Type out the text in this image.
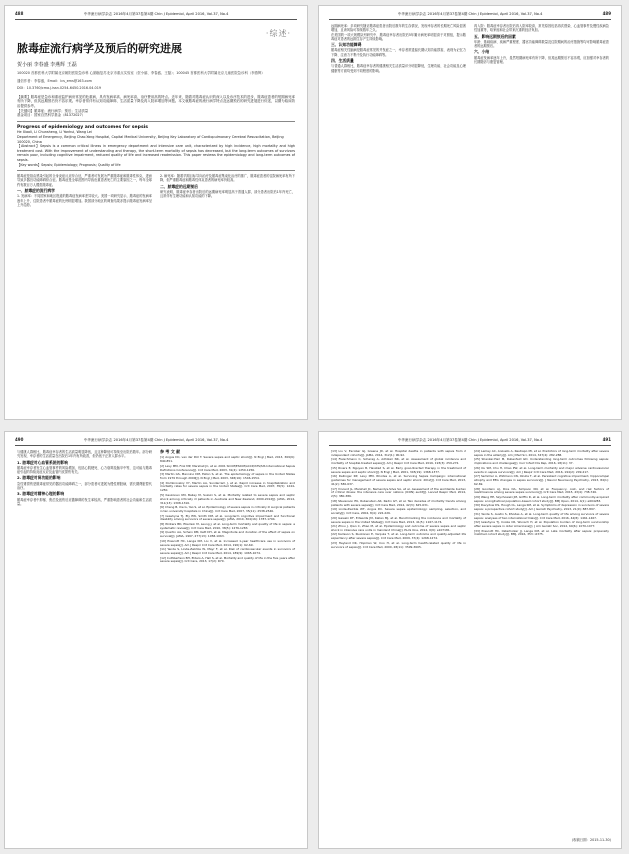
488	中华流行病学杂志 2016年4月第37卷第4期 Chin J Epidemiol, April 2016, Vol.37, No.4
·综述·
脓毒症流行病学及预后的研究进展
贺小丽 李春盛 李燕辉 王磊
100020 首都医科大学附属北京朝阳医院急诊科 心肺脑复苏北京市重点实验室（贺小丽、李春盛、王磊）；100045 首都医科大学附属北京儿童医院急诊科（李燕辉）
通信作者：李春盛，Email：lcs_ems@163.com
DOI：10.3760/cma.j.issn.0254-6450.2016.04.019
【摘要】脓毒症是急诊和重症监护病房常见的危重病，具有发病率高、病死率高、治疗费用高的特点。近年来，随着对脓毒症认识的深入以及诊疗技术的进步，脓毒症患者的短期病死率有所下降，但其远期预后仍不容乐观。幸存者常伴有认知功能障碍、生活质量下降及再入院率增加等问题。本文就脓毒症的流行病学特点及远期预后的研究进展进行综述，以期为临床防治提供参考。
【关键词】脓毒症；流行病学；预后；生活质量
基金项目：国家自然科学基金（81372027）
Progress of epidemiology and outcomes for sepsis
He Xiaoli, Li Chunsheng, Li Yanhui, Wang Lei
Department of Emergency, Beijing Chao-Yang Hospital, Capital Medical University, Beijing Key Laboratory of Cardiopulmonary Cerebral Resuscitation, Beijing 100020, China
【Abstract】Sepsis is a common critical illness in emergency department and intensive care unit, characterized by high incidence, high mortality and high treatment cost. With the improvement of understanding and therapy, the short-term mortality of sepsis has decreased, but the long-term outcomes of survivors remain poor, including cognitive impairment, reduced quality of life and increased readmission. This paper reviews the epidemiology and long-term outcomes of sepsis.
【Key words】Sepsis; Epidemiology; Prognosis; Quality of life
脓毒症是指由感染引起的全身炎症反应综合征，严重者可发展为严重脓毒症和脓毒性休克，进而导致多器官功能障碍综合征。脓毒症是全球范围内导致危重患者死亡的主要原因之一，每年全球约有数百万人罹患脓毒症。
一、脓毒症的流行病学
1. 发病率：不同国家和地区报道的脓毒症发病率差异较大。美国一项研究显示，脓毒症的发病率逐年上升，住院患者中脓毒症的比例明显增加。我国部分地区的调查结果亦提示脓毒症发病率呈上升趋势。
2. 病死率：随着早期目标导向治疗及脓毒症集束化治疗的推广，脓毒症患者的住院病死率有所下降，但严重脓毒症和脓毒性休克患者的病死率仍较高。
二、脓毒症的远期预后
研究表明，脓毒症幸存者出院后的远期病死率明显高于普通人群，部分患者出院后1年内死亡，且常伴有生理功能和认知功能的下降。
中华流行病学杂志 2016年4月第37卷第4期 Chin J Epidemiol, April 2016, Vol.37, No.4	489
远期病死率：多项研究随访脓毒症患者出院后数年的生存情况，发现幸存者的长期死亡风险显著增加，且该风险可持续数年之久。
在美国的一项大规模队列研究中，脓毒症幸存者出院后5年累计病死率明显高于对照组，提示脓毒症对患者的远期生存产生持续影响。
三、认知功能障碍
脓毒症相关性脑病是脓毒症常见的并发症之一，幸存者常遗留长期认知功能损害，表现为记忆力下降、注意力不集中及执行功能障碍等。
四、生活质量
与普通人群相比，脓毒症幸存者的健康相关生活质量评分明显降低，生理功能、社会功能及心理健康等方面均受到不同程度的影响。
再入院：脓毒症幸存者出院后再入院率较高，常见原因包括再次感染、心血管事件及慢性疾病急性加重等，给家庭和社会带来沉重的经济负担。
五、影响远期预后的因素
年龄、基础疾病、疾病严重程度、器官功能障碍数量及住院期间的治疗措施等均可影响脓毒症患者的远期预后。
六、小结
脓毒症发病率逐年上升，虽然短期病死率有所下降，但其远期预后不容乐观，应加强对幸存者的长期随访与康复管理。
490	中华流行病学杂志 2016年4月第37卷第4期 Chin J Epidemiol, April 2016, Vol.37, No.4
与健康人群相比，脓毒症幸存者的生活质量明显降低，且这种降低可持续至出院后数年。部分研究发现，幸存者的生活质量在出院后1年内有所改善，但仍低于正常人群水平。
1. 脓毒症对心血管系统的影响
脓毒症幸存者发生心血管事件的风险增加，包括心肌梗死、心力衰竭及脑卒中等，这可能与脓毒症引起的持续炎症反应及血管内皮损伤有关。
2. 脓毒症对肾功能的影响
急性肾损伤是脓毒症常见的器官功能障碍之一，部分患者可进展为慢性肾脏病，需长期肾脏替代治疗。
3. 脓毒症对精神心理的影响
脓毒症幸存者中抑郁、焦虑及创伤后应激障碍的发生率较高，严重影响患者的社会功能和生活质量。
参 考 文 献
[1] Angus DC, van der Poll T. Severe sepsis and septic shock[J]. N Engl J Med, 2013, 369(9): 840-851.
[2] Levy MM, Fink MP, Marshall JC, et al. 2001 SCCM/ESICM/ACCP/ATS/SIS International Sepsis Definitions Conference[J]. Crit Care Med, 2003, 31(4): 1250-1256.
[3] Martin GS, Mannino DM, Eaton S, et al. The epidemiology of sepsis in the United States from 1979 through 2000[J]. N Engl J Med, 2003, 348(16): 1546-1554.
[4] Dombrovskiy VY, Martin AA, Sunderram J, et al. Rapid increase in hospitalization and mortality rates for severe sepsis in the United States[J]. Crit Care Med, 2007, 35(5): 1244-1250.
[5] Kaukonen KM, Bailey M, Suzuki S, et al. Mortality related to severe sepsis and septic shock among critically ill patients in Australia and New Zealand, 2000-2012[J]. JAMA, 2014, 311(13): 1308-1316.
[6] Cheng B, Xie G, Yao S, et al. Epidemiology of severe sepsis in critically ill surgical patients in ten university hospitals in China[J]. Crit Care Med, 2007, 35(11): 2538-2546.
[7] Iwashyna TJ, Ely EW, Smith DM, et al. Long-term cognitive impairment and functional disability among survivors of severe sepsis[J]. JAMA, 2010, 304(16): 1787-1794.
[8] Winters BD, Eberlein M, Leung J, et al. Long-term mortality and quality of life in sepsis: a systematic review[J]. Crit Care Med, 2010, 38(5): 1276-1283.
[9] Quartin AA, Schein RM, Kett DH, et al. Magnitude and duration of the effect of sepsis on survival[J]. JAMA, 1997, 277(13): 1058-1063.
[10] Prescott HC, Langa KM, Liu V, et al. Increased 1-year healthcare use in survivors of severe sepsis[J]. Am J Respir Crit Care Med, 2014, 190(1): 62-69.
[11] Yende S, Linde-Zwirble W, Mayr F, et al. Risk of cardiovascular events in survivors of severe sepsis[J]. Am J Respir Crit Care Med, 2014, 189(9): 1065-1074.
[12] Cuthbertson BH, Elders A, Hall S, et al. Mortality and quality of life in the five years after severe sepsis[J]. Crit Care, 2013, 17(2): R70.
中华流行病学杂志 2016年4月第37卷第4期 Chin J Epidemiol, April 2016, Vol.37, No.4	491
[13] Liu V, Escobar GJ, Greene JD, et al. Hospital deaths in patients with sepsis from 2 independent cohorts[J]. JAMA, 2014, 312(1): 90-92.
[14] Fleischmann C, Scherag A, Adhikari NK, et al. Assessment of global incidence and mortality of hospital-treated sepsis[J]. Am J Respir Crit Care Med, 2016, 193(3): 259-272.
[15] Rivers E, Nguyen B, Havstad S, et al. Early goal-directed therapy in the treatment of severe sepsis and septic shock[J]. N Engl J Med, 2001, 345(19): 1368-1377.
[16] Dellinger RP, Levy MM, Rhodes A, et al. Surviving Sepsis Campaign: international guidelines for management of severe sepsis and septic shock: 2012[J]. Crit Care Med, 2013, 41(2): 580-637.
[17] Vincent JL, Marshall JC, Namendys-Silva SA, et al. Assessment of the worldwide burden of critical illness: the intensive care over nations (ICON) audit[J]. Lancet Respir Med, 2014, 2(5): 380-386.
[18] Stevenson EK, Rubenstein AR, Radin GT, et al. Two decades of mortality trends among patients with severe sepsis[J]. Crit Care Med, 2014, 42(3): 625-631.
[19] Linde-Zwirble WT, Angus DC. Severe sepsis epidemiology: sampling, selection, and society[J]. Crit Care, 2004, 8(4): 222-226.
[20] Gaieski DF, Edwards JM, Kallan MJ, et al. Benchmarking the incidence and mortality of severe sepsis in the United States[J]. Crit Care Med, 2013, 41(5): 1167-1174.
[21] Zhou J, Qian C, Zhao M, et al. Epidemiology and outcome of severe sepsis and septic shock in intensive care units in mainland China[J]. PLoS One, 2014, 9(9): e107181.
[22] Karlsson S, Ruokonen E, Varpula T, et al. Long-term outcome and quality-adjusted life expectancy after severe sepsis[J]. Crit Care Med, 2009, 37(4): 1268-1274.
[23] Heyland DK, Hopman W, Coo H, et al. Long-term health-related quality of life in survivors of sepsis[J]. Crit Care Med, 2000, 28(11): 3599-3605.
[24] Lemay AC, Anzueto A, Restrepo MI, et al. Predictors of long-term mortality after severe sepsis in the elderly[J]. Am J Med Sci, 2014, 347(4): 282-288.
[25] Shankar-Hari M, Rubenfeld GD. Understanding long-term outcomes following sepsis: implications and challenges[J]. Curr Infect Dis Rep, 2016, 18(11): 37.
[26] Ou SM, Chu H, Chao PW, et al. Long-term mortality and major adverse cardiovascular events in sepsis survivors[J]. Am J Respir Crit Care Med, 2016, 194(2): 209-217.
[27] Semmler A, Widmann CN, Okulla T, et al. Persistent cognitive impairment, hippocampal atrophy and EEG changes in sepsis survivors[J]. J Neurol Neurosurg Psychiatry, 2013, 84(1): 62-69.
[28] Goodwin AJ, Rice DA, Simpson KN, et al. Frequency, cost, and risk factors of readmissions among severe sepsis survivors[J]. Crit Care Med, 2015, 43(4): 738-746.
[29] Wang HE, Szychowski JM, Griffin R, et al. Long-term mortality after community-acquired sepsis: a longitudinal population-based cohort study[J]. BMJ Open, 2014, 4(1): e004283.
[30] Davydow DS, Hough CL, Langa KM, et al. Symptoms of depression in survivors of severe sepsis: a prospective cohort study[J]. Am J Geriatr Psychiatry, 2013, 21(9): 887-897.
[31] Yende S, Austin S, Rhodes A, et al. Long-term quality of life among survivors of severe sepsis: analyses of two international trials[J]. Crit Care Med, 2016, 44(8): 1461-1467.
[32] Iwashyna TJ, Cooke CR, Wunsch H, et al. Population burden of long-term survivorship after severe sepsis in older Americans[J]. J Am Geriatr Soc, 2012, 60(6): 1070-1077.
[33] Prescott HC, Osterholzer JJ, Langa KM, et al. Late mortality after sepsis: propensity matched cohort study[J]. BMJ, 2016, 353: i2375.
(收稿日期：2015-11-30)
